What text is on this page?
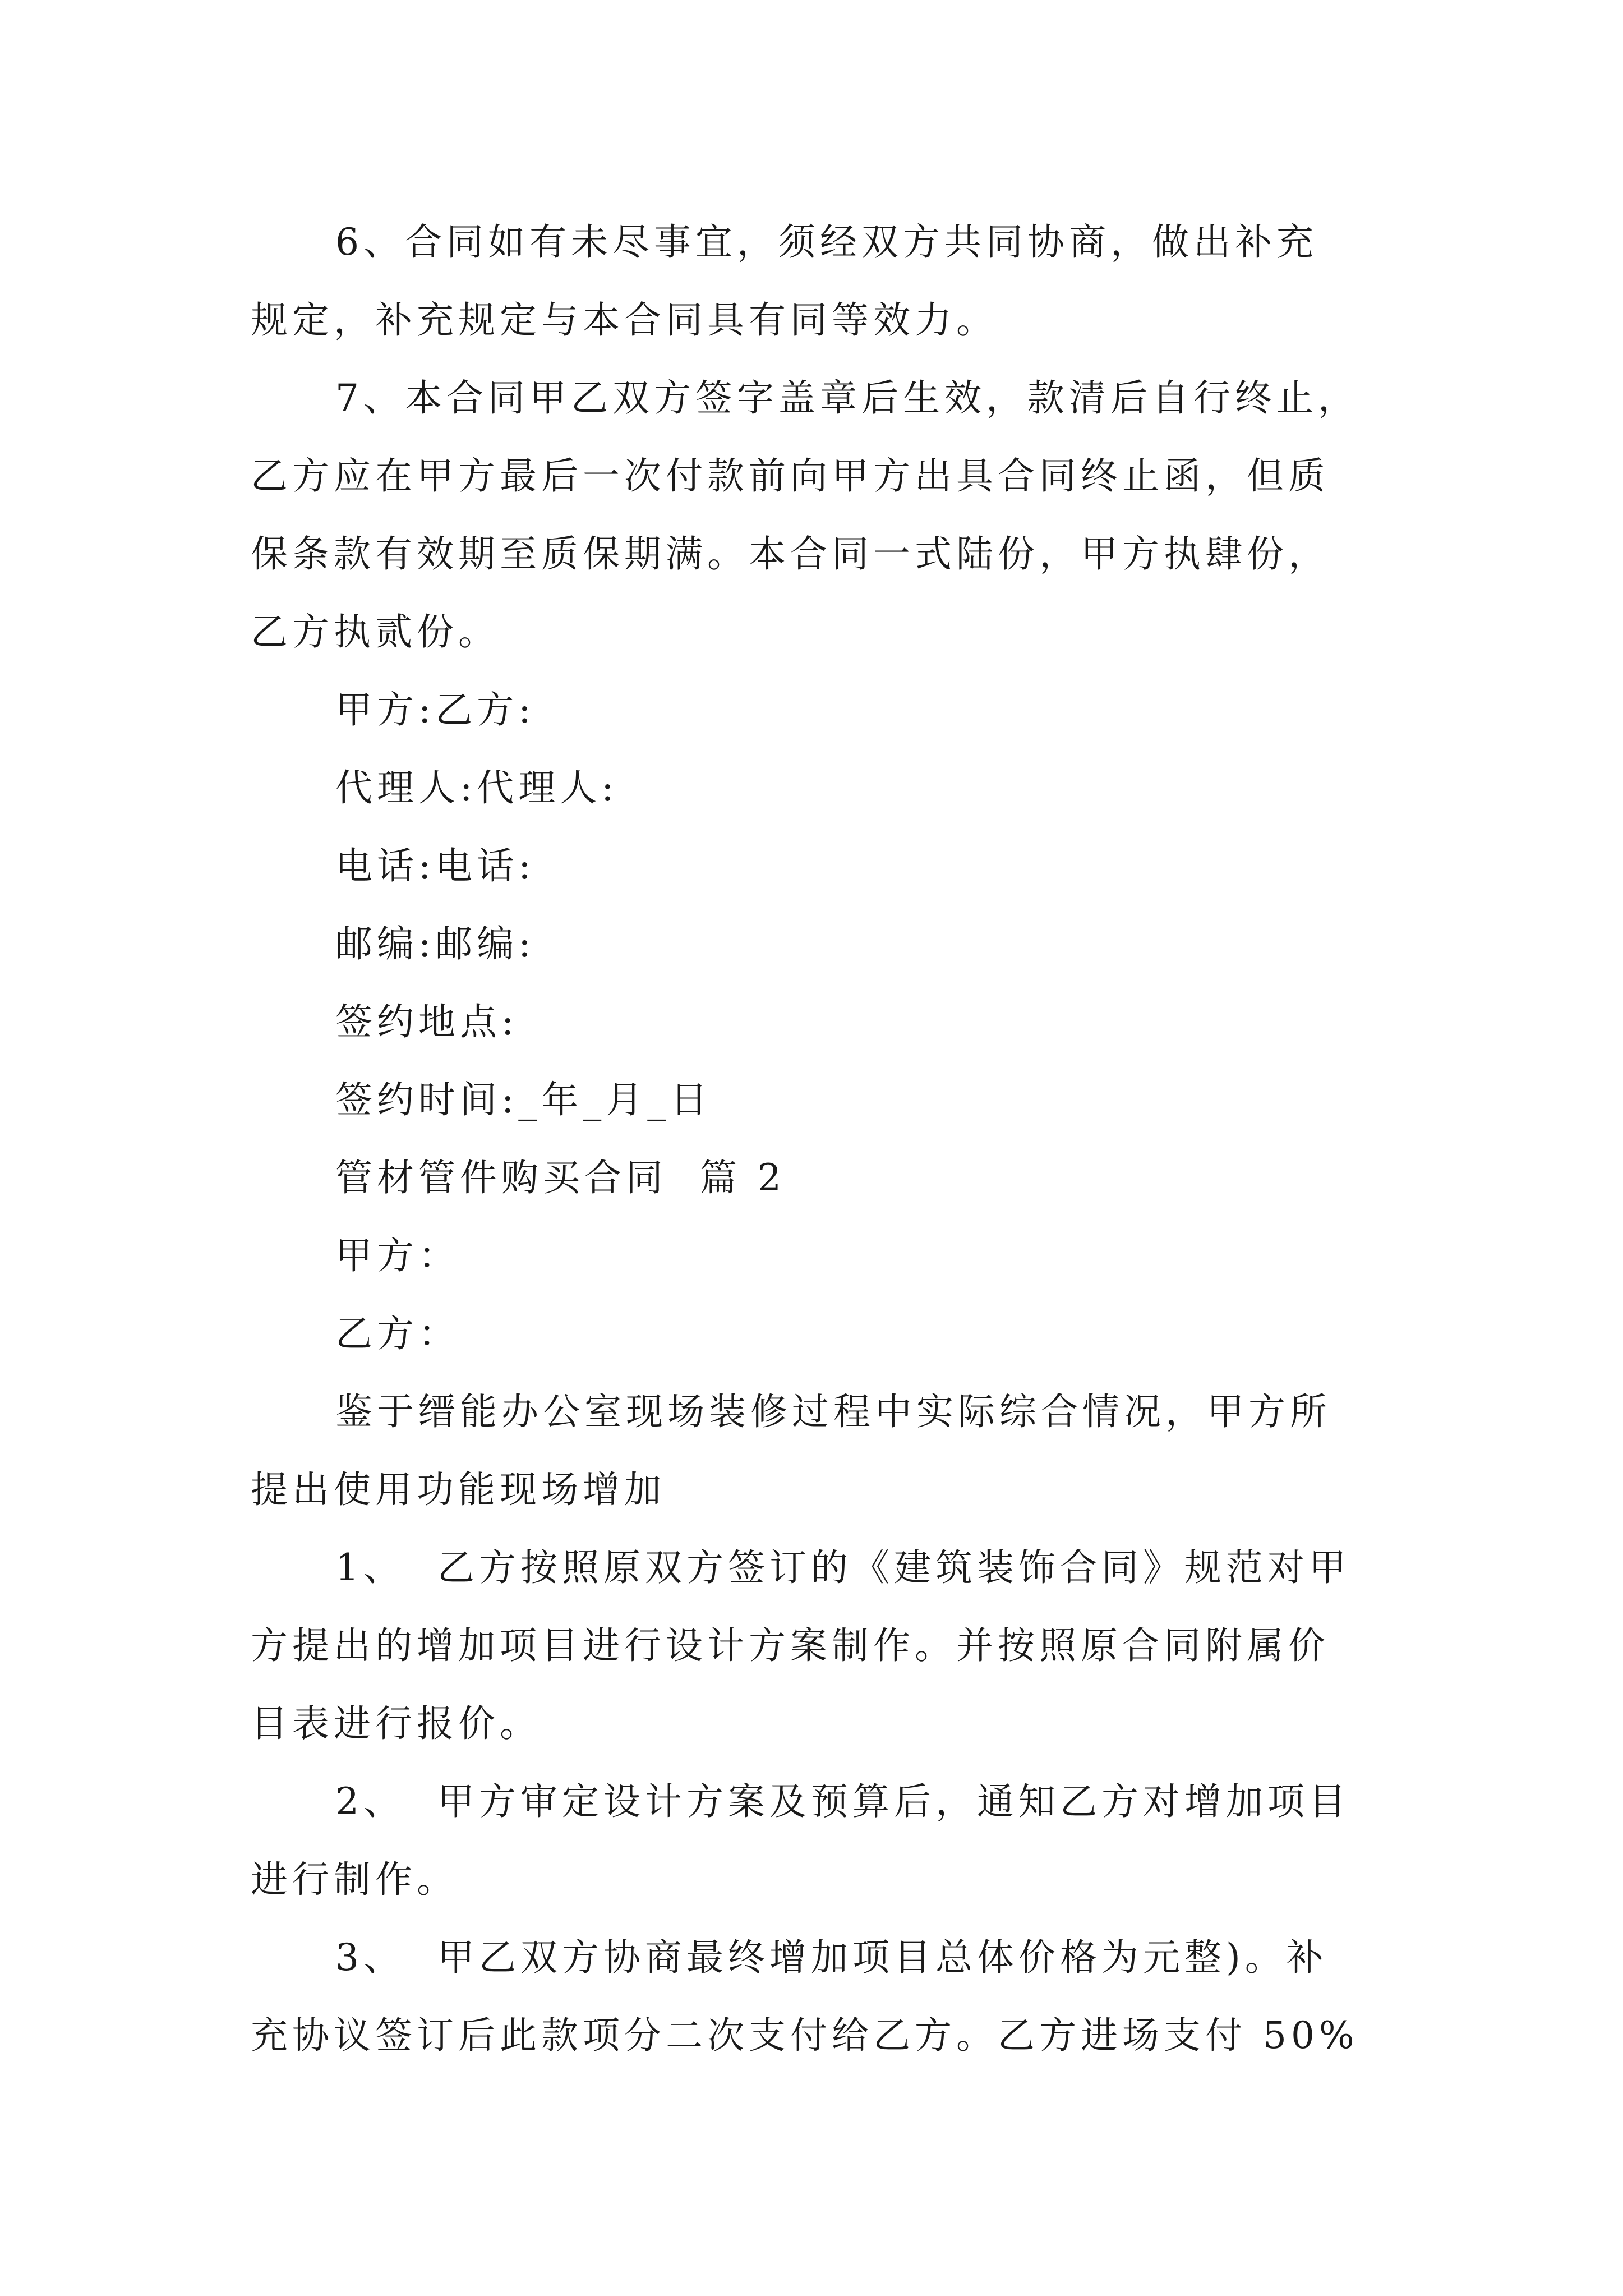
6、合同如有未尽事宜，须经双方共同协商，做出补充
规定，补充规定与本合同具有同等效力。
7、本合同甲乙双方签字盖章后生效，款清后自行终止，
乙方应在甲方最后一次付款前向甲方出具合同终止函，但质
保条款有效期至质保期满。本合同一式陆份，甲方执肆份，
乙方执贰份。
甲方:乙方:
代理人:代理人:
电话:电话:
邮编:邮编:
签约地点:
签约时间:_年_月_日
管材管件购买合同  篇 2
甲方：
乙方：
鉴于缙能办公室现场装修过程中实际综合情况，甲方所
提出使用功能现场增加
1、  乙方按照原双方签订的《建筑装饰合同》规范对甲
方提出的增加项目进行设计方案制作。并按照原合同附属价
目表进行报价。
2、  甲方审定设计方案及预算后，通知乙方对增加项目
进行制作。
3、  甲乙双方协商最终增加项目总体价格为元整)。补
充协议签订后此款项分二次支付给乙方。乙方进场支付 50%
